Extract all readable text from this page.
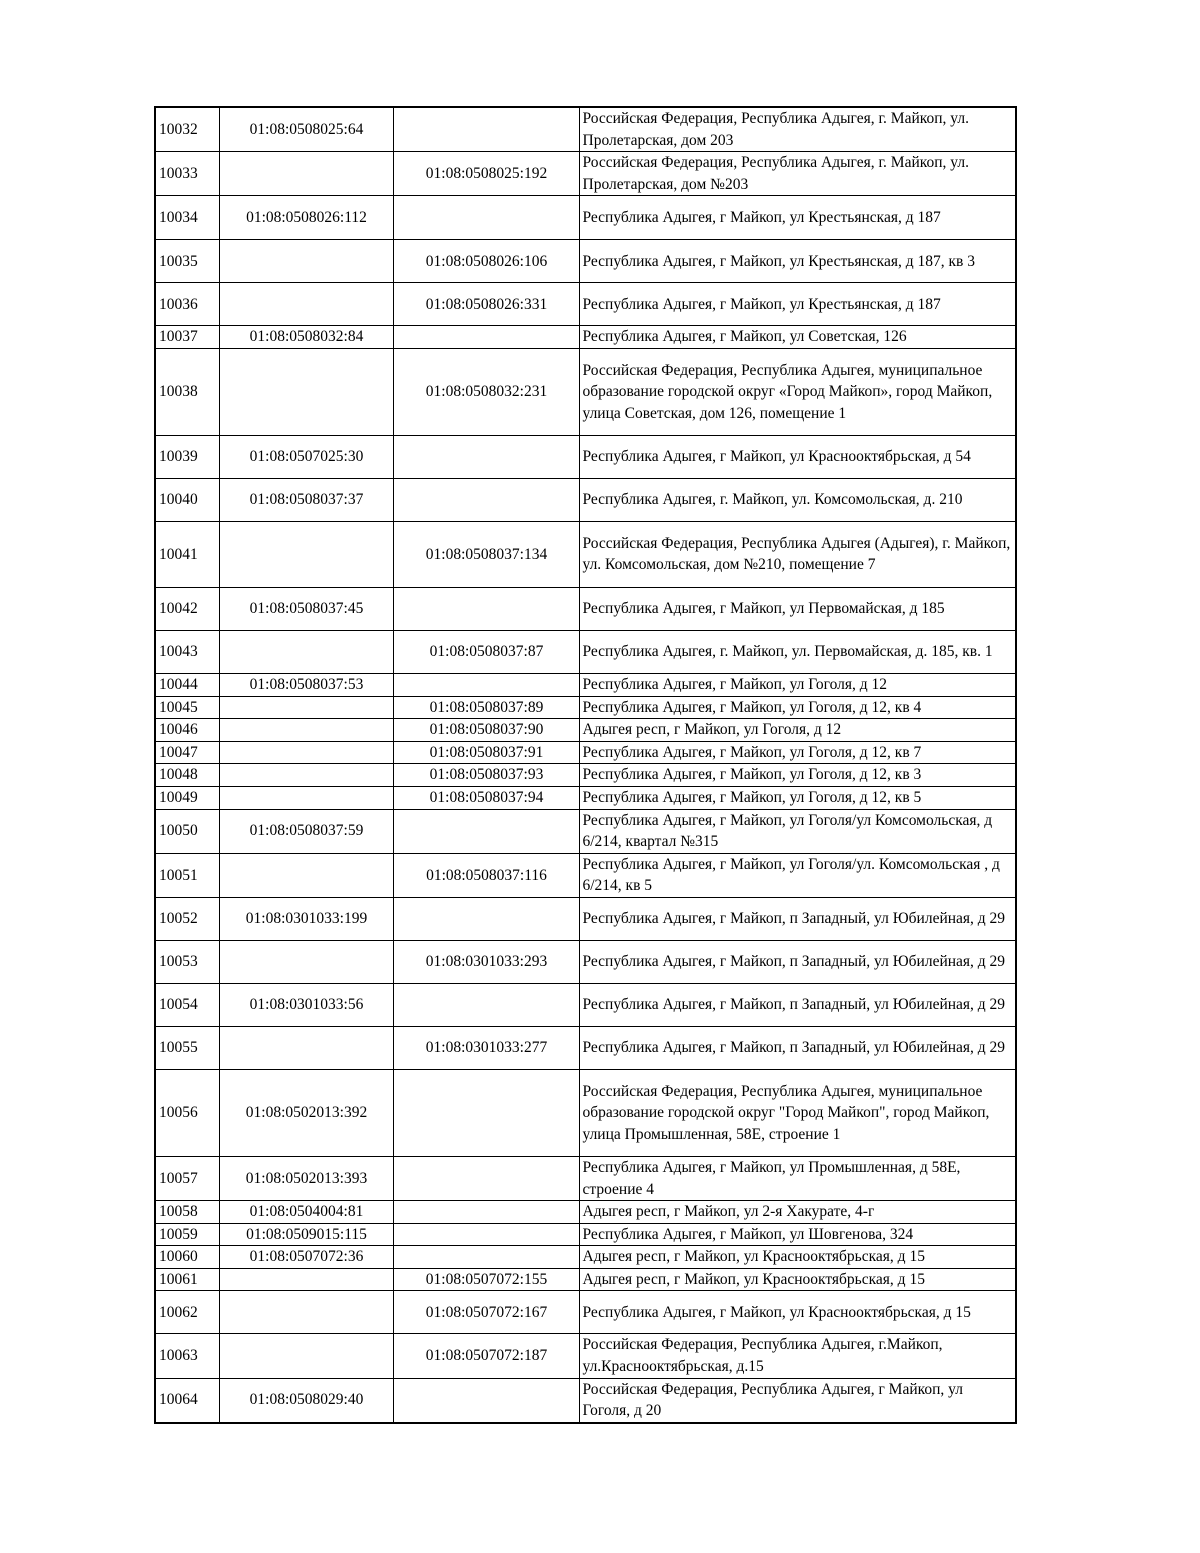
10032	01:08:0508025:64		Российская Федерация, Республика Адыгея, г. Майкоп, ул. Пролетарская, дом 203
10033		01:08:0508025:192	Российская Федерация, Республика Адыгея, г. Майкоп, ул. Пролетарская, дом №203
10034	01:08:0508026:112		Республика Адыгея, г Майкоп, ул Крестьянская, д 187
10035		01:08:0508026:106	Республика Адыгея, г Майкоп, ул Крестьянская, д 187, кв 3
10036		01:08:0508026:331	Республика Адыгея, г Майкоп, ул Крестьянская, д 187
10037	01:08:0508032:84		Республика Адыгея, г Майкоп, ул Советская, 126
10038		01:08:0508032:231	Российская Федерация, Республика Адыгея, муниципальное образование городской округ «Город Майкоп», город Майкоп, улица Советская, дом 126, помещение 1
10039	01:08:0507025:30		Республика Адыгея, г Майкоп, ул Краснооктябрьская, д 54
10040	01:08:0508037:37		Республика Адыгея, г. Майкоп, ул. Комсомольская, д. 210
10041		01:08:0508037:134	Российская Федерация, Республика Адыгея (Адыгея), г. Майкоп, ул. Комсомольская, дом №210, помещение 7
10042	01:08:0508037:45		Республика Адыгея, г Майкоп, ул Первомайская, д 185
10043		01:08:0508037:87	Республика Адыгея, г. Майкоп, ул. Первомайская, д. 185, кв. 1
10044	01:08:0508037:53		Республика Адыгея, г Майкоп, ул Гоголя, д 12
10045		01:08:0508037:89	Республика Адыгея, г Майкоп, ул Гоголя, д 12, кв 4
10046		01:08:0508037:90	Адыгея респ, г Майкоп, ул Гоголя, д 12
10047		01:08:0508037:91	Республика Адыгея, г Майкоп, ул Гоголя, д 12, кв 7
10048		01:08:0508037:93	Республика Адыгея, г Майкоп, ул Гоголя, д 12, кв 3
10049		01:08:0508037:94	Республика Адыгея, г Майкоп, ул Гоголя, д 12, кв 5
10050	01:08:0508037:59		Республика Адыгея, г Майкоп, ул Гоголя/ул Комсомольская, д 6/214, квартал №315
10051		01:08:0508037:116	Республика Адыгея, г Майкоп, ул Гоголя/ул. Комсомольская , д 6/214, кв 5
10052	01:08:0301033:199		Республика Адыгея, г Майкоп, п Западный, ул Юбилейная, д 29
10053		01:08:0301033:293	Республика Адыгея, г Майкоп, п Западный, ул Юбилейная, д 29
10054	01:08:0301033:56		Республика Адыгея, г Майкоп, п Западный, ул Юбилейная, д 29
10055		01:08:0301033:277	Республика Адыгея, г Майкоп, п Западный, ул Юбилейная, д 29
10056	01:08:0502013:392		Российская Федерация, Республика Адыгея, муниципальное образование городской округ "Город Майкоп", город Майкоп, улица Промышленная, 58Е, строение 1
10057	01:08:0502013:393		Республика Адыгея, г Майкоп, ул Промышленная, д 58Е, строение 4
10058	01:08:0504004:81		Адыгея респ, г Майкоп, ул 2-я Хакурате, 4-г
10059	01:08:0509015:115		Республика Адыгея, г Майкоп, ул Шовгенова, 324
10060	01:08:0507072:36		Адыгея респ, г Майкоп, ул Краснооктябрьская, д 15
10061		01:08:0507072:155	Адыгея респ, г Майкоп, ул Краснооктябрьская, д 15
10062		01:08:0507072:167	Республика Адыгея, г Майкоп, ул Краснооктябрьская, д 15
10063		01:08:0507072:187	Российская Федерация, Республика Адыгея, г.Майкоп, ул.Краснооктябрьская, д.15
10064	01:08:0508029:40		Российская Федерация, Республика Адыгея, г Майкоп, ул Гоголя, д 20
